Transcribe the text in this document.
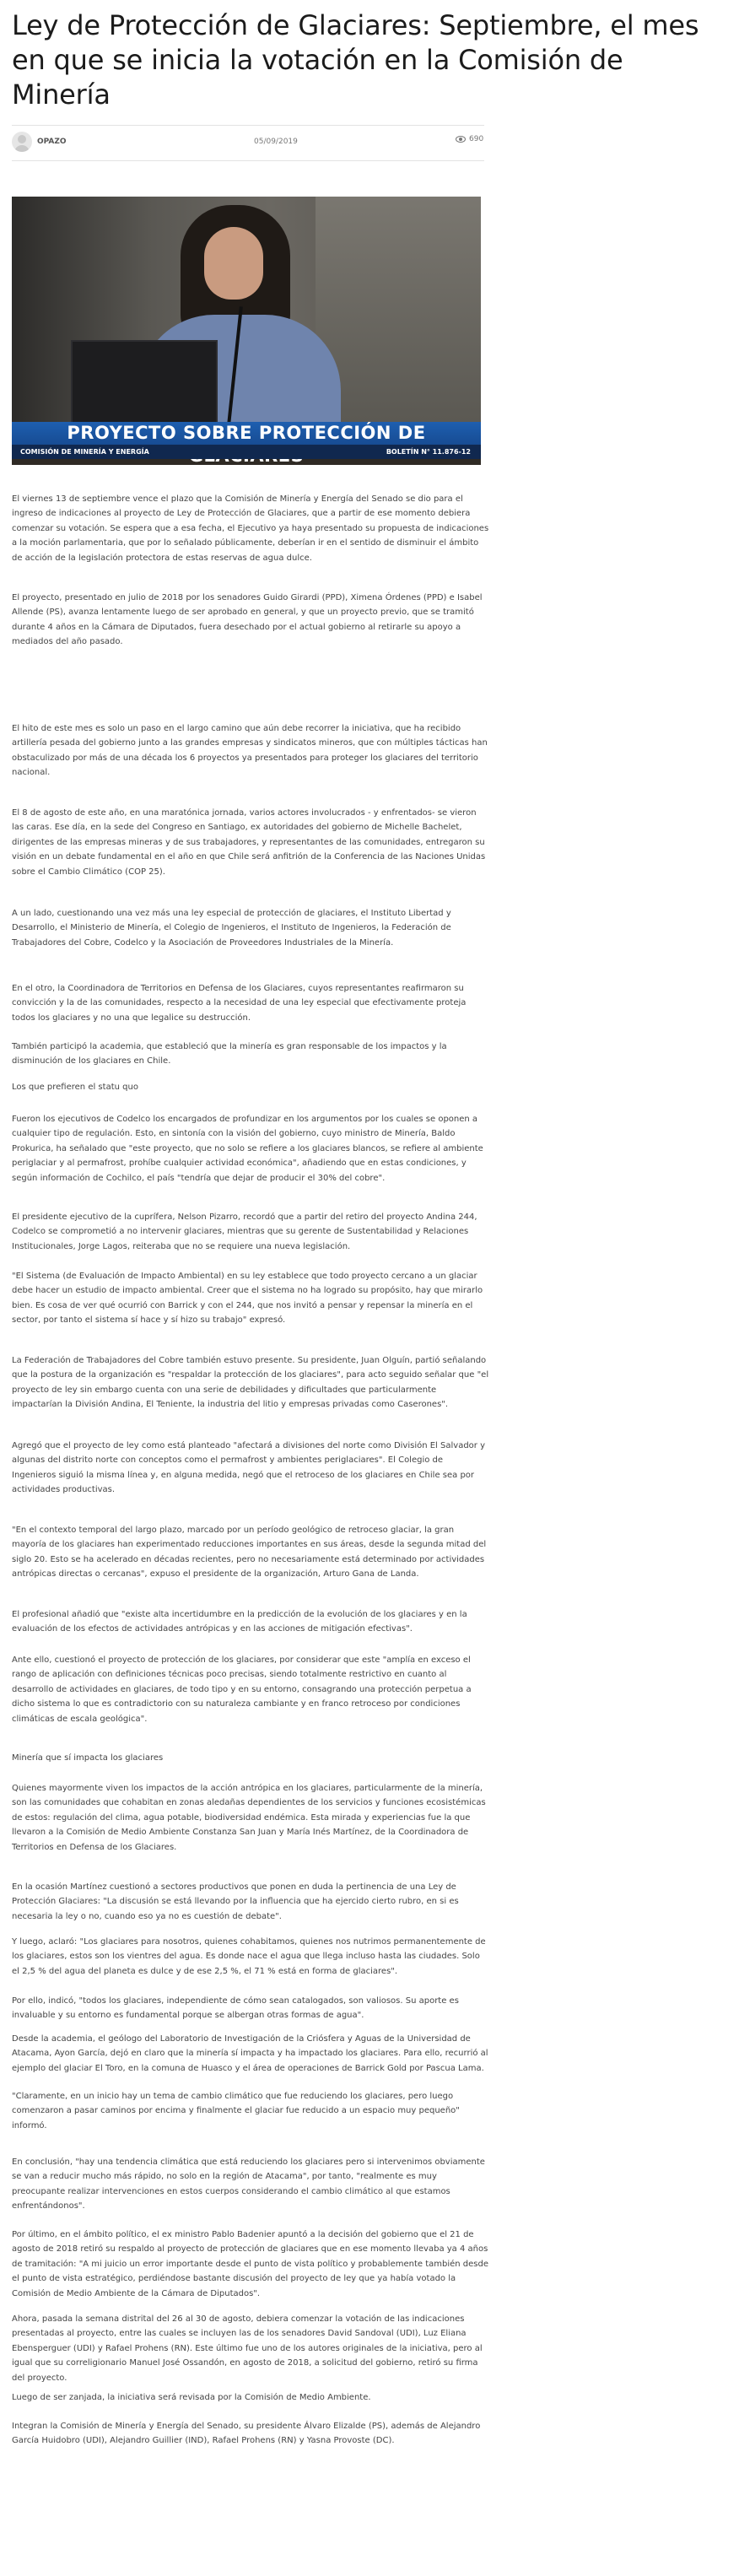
Ley de Protección de Glaciares: Septiembre, el mes en que se inicia la votación en la Comisión de Minería
OPAZO	05/09/2019	690
PROYECTO SOBRE PROTECCIÓN DE
COMISIÓN DE MINERÍA Y ENERGÍA	BOLETÍN N° 11.876-12

El viernes 13 de septiembre vence el plazo que la Comisión de Minería y Energía del Senado se dio para el ingreso de indicaciones al proyecto de Ley de Protección de Glaciares, que a partir de ese momento debiera comenzar su votación. Se espera que a esa fecha, el Ejecutivo ya haya presentado su propuesta de indicaciones a la moción parlamentaria, que por lo señalado públicamente, deberían ir en el sentido de disminuir el ámbito de acción de la legislación protectora de estas reservas de agua dulce.

El proyecto, presentado en julio de 2018 por los senadores Guido Girardi (PPD), Ximena Órdenes (PPD) e Isabel Allende (PS), avanza lentamente luego de ser aprobado en general, y que un proyecto previo, que se tramitó durante 4 años en la Cámara de Diputados, fuera desechado por el actual gobierno al retirarle su apoyo a mediados del año pasado.

El hito de este mes es solo un paso en el largo camino que aún debe recorrer la iniciativa, que ha recibido artillería pesada del gobierno junto a las grandes empresas y sindicatos mineros, que con múltiples tácticas han obstaculizado por más de una década los 6 proyectos ya presentados para proteger los glaciares del territorio nacional.

El 8 de agosto de este año, en una maratónica jornada, varios actores involucrados - y enfrentados- se vieron las caras. Ese día, en la sede del Congreso en Santiago, ex autoridades del gobierno de Michelle Bachelet, dirigentes de las empresas mineras y de sus trabajadores, y representantes de las comunidades, entregaron su visión en un debate fundamental en el año en que Chile será anfitrión de la Conferencia de las Naciones Unidas sobre el Cambio Climático (COP 25).

A un lado, cuestionando una vez más una ley especial de protección de glaciares, el Instituto Libertad y Desarrollo, el Ministerio de Minería, el Colegio de Ingenieros, el Instituto de Ingenieros, la Federación de Trabajadores del Cobre, Codelco y la Asociación de Proveedores Industriales de la Minería.

En el otro, la Coordinadora de Territorios en Defensa de los Glaciares, cuyos representantes reafirmaron su convicción y la de las comunidades, respecto a la necesidad de una ley especial que efectivamente proteja todos los glaciares y no una que legalice su destrucción.

También participó la academia, que estableció que la minería es gran responsable de los impactos y la disminución de los glaciares en Chile.

Los que prefieren el statu quo

Fueron los ejecutivos de Codelco los encargados de profundizar en los argumentos por los cuales se oponen a cualquier tipo de regulación. Esto, en sintonía con la visión del gobierno, cuyo ministro de Minería, Baldo Prokurica, ha señalado que "este proyecto, que no solo se refiere a los glaciares blancos, se refiere al ambiente periglaciar y al permafrost, prohíbe cualquier actividad económica", añadiendo que en estas condiciones, y según información de Cochilco, el país "tendría que dejar de producir el 30% del cobre".

El presidente ejecutivo de la cuprífera, Nelson Pizarro, recordó que a partir del retiro del proyecto Andina 244, Codelco se comprometió a no intervenir glaciares, mientras que su gerente de Sustentabilidad y Relaciones Institucionales, Jorge Lagos, reiteraba que no se requiere una nueva legislación.

"El Sistema (de Evaluación de Impacto Ambiental) en su ley establece que todo proyecto cercano a un glaciar debe hacer un estudio de impacto ambiental. Creer que el sistema no ha logrado su propósito, hay que mirarlo bien. Es cosa de ver qué ocurrió con Barrick y con el 244, que nos invitó a pensar y repensar la minería en el sector, por tanto el sistema sí hace y sí hizo su trabajo" expresó.

La Federación de Trabajadores del Cobre también estuvo presente. Su presidente, Juan Olguín, partió señalando que la postura de la organización es "respaldar la protección de los glaciares", para acto seguido señalar que "el proyecto de ley sin embargo cuenta con una serie de debilidades y dificultades que particularmente impactarían la División Andina, El Teniente, la industria del litio y empresas privadas como Caserones".

Agregó que el proyecto de ley como está planteado "afectará a divisiones del norte como División El Salvador y algunas del distrito norte con conceptos como el permafrost y ambientes periglaciares". El Colegio de Ingenieros siguió la misma línea y, en alguna medida, negó que el retroceso de los glaciares en Chile sea por actividades productivas.

"En el contexto temporal del largo plazo, marcado por un período geológico de retroceso glaciar, la gran mayoría de los glaciares han experimentado reducciones importantes en sus áreas, desde la segunda mitad del siglo 20. Esto se ha acelerado en décadas recientes, pero no necesariamente está determinado por actividades antrópicas directas o cercanas", expuso el presidente de la organización, Arturo Gana de Landa.

El profesional añadió que "existe alta incertidumbre en la predicción de la evolución de los glaciares y en la evaluación de los efectos de actividades antrópicas y en las acciones de mitigación efectivas".

Ante ello, cuestionó el proyecto de protección de los glaciares, por considerar que este "amplía en exceso el rango de aplicación con definiciones técnicas poco precisas, siendo totalmente restrictivo en cuanto al desarrollo de actividades en glaciares, de todo tipo y en su entorno, consagrando una protección perpetua a dicho sistema lo que es contradictorio con su naturaleza cambiante y en franco retroceso por condiciones climáticas de escala geológica".

Minería que sí impacta los glaciares

Quienes mayormente viven los impactos de la acción antrópica en los glaciares, particularmente de la minería, son las comunidades que cohabitan en zonas aledañas dependientes de los servicios y funciones ecosistémicas de estos: regulación del clima, agua potable, biodiversidad endémica. Esta mirada y experiencias fue la que llevaron a la Comisión de Medio Ambiente Constanza San Juan y María Inés Martínez, de la Coordinadora de Territorios en Defensa de los Glaciares.

En la ocasión Martínez cuestionó a sectores productivos que ponen en duda la pertinencia de una Ley de Protección Glaciares: "La discusión se está llevando por la influencia que ha ejercido cierto rubro, en si es necesaria la ley o no, cuando eso ya no es cuestión de debate".

Y luego, aclaró: "Los glaciares para nosotros, quienes cohabitamos, quienes nos nutrimos permanentemente de los glaciares, estos son los vientres del agua. Es donde nace el agua que llega incluso hasta las ciudades. Solo el 2,5 % del agua del planeta es dulce y de ese 2,5 %, el 71 % está en forma de glaciares".

Por ello, indicó, "todos los glaciares, independiente de cómo sean catalogados, son valiosos. Su aporte es invaluable y su entorno es fundamental porque se albergan otras formas de agua".

Desde la academia, el geólogo del Laboratorio de Investigación de la Criósfera y Aguas de la Universidad de Atacama, Ayon García, dejó en claro que la minería sí impacta y ha impactado los glaciares. Para ello, recurrió al ejemplo del glaciar El Toro, en la comuna de Huasco y el área de operaciones de Barrick Gold por Pascua Lama.

"Claramente, en un inicio hay un tema de cambio climático que fue reduciendo los glaciares, pero luego comenzaron a pasar caminos por encima y finalmente el glaciar fue reducido a un espacio muy pequeño" informó.

En conclusión, "hay una tendencia climática que está reduciendo los glaciares pero si intervenimos obviamente se van a reducir mucho más rápido, no solo en la región de Atacama", por tanto, "realmente es muy preocupante realizar intervenciones en estos cuerpos considerando el cambio climático al que estamos enfrentándonos".

Por último, en el ámbito político, el ex ministro Pablo Badenier apuntó a la decisión del gobierno que el 21 de agosto de 2018 retiró su respaldo al proyecto de protección de glaciares que en ese momento llevaba ya 4 años de tramitación: "A mi juicio un error importante desde el punto de vista político y probablemente también desde el punto de vista estratégico, perdiéndose bastante discusión del proyecto de ley que ya había votado la Comisión de Medio Ambiente de la Cámara de Diputados".

Ahora, pasada la semana distrital del 26 al 30 de agosto, debiera comenzar la votación de las indicaciones presentadas al proyecto, entre las cuales se incluyen las de los senadores David Sandoval (UDI), Luz Eliana Ebensperguer (UDI) y Rafael Prohens (RN). Este último fue uno de los autores originales de la iniciativa, pero al igual que su correligionario Manuel José Ossandón, en agosto de 2018, a solicitud del gobierno, retiró su firma del proyecto.

Luego de ser zanjada, la iniciativa será revisada por la Comisión de Medio Ambiente.

Integran la Comisión de Minería y Energía del Senado, su presidente Álvaro Elizalde (PS), además de Alejandro García Huidobro (UDI), Alejandro Guillier (IND), Rafael Prohens (RN) y Yasna Provoste (DC).
